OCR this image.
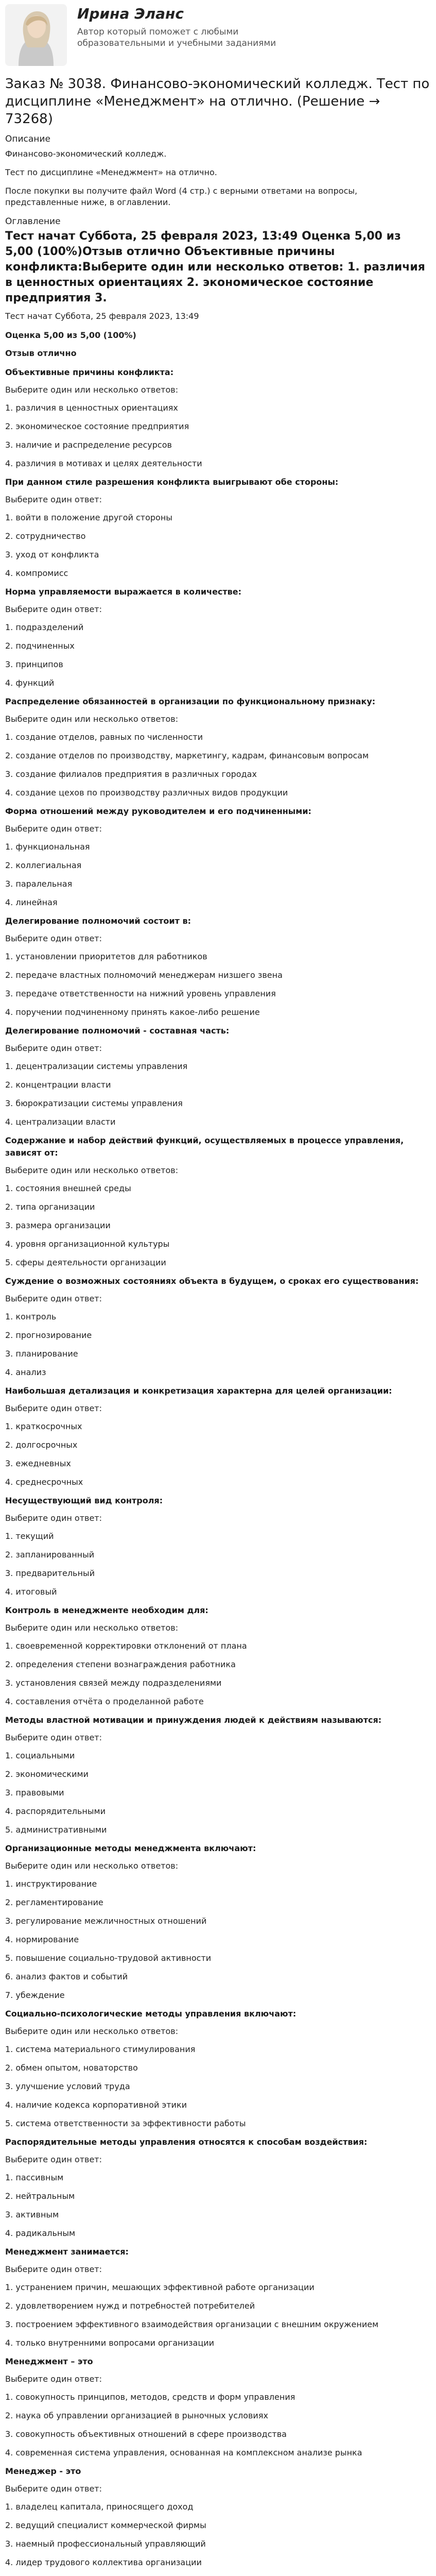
Ирина Эланс
Автор который поможет с любыми образовательными и учебными заданиями
Заказ № 3038. Финансово-экономический колледж. Тест по дисциплине «Менеджмент» на отлично. (Решение → 73268)
Описание
Финансово-экономический колледж.
Тест по дисциплине «Менеджмент» на отлично.
После покупки вы получите файл Word (4 стр.) с верными ответами на вопросы, представленные ниже, в оглавлении.
Оглавление
Тест начат Суббота, 25 февраля 2023, 13:49 Оценка 5,00 из 5,00 (100%)Отзыв отлично Объективные причины конфликта:Выберите один или несколько ответов: 1. различия в ценностных ориентациях 2. экономическое состояние предприятия 3.
Тест начат Суббота, 25 февраля 2023, 13:49
Оценка 5,00 из 5,00 (100%)
Отзыв отлично
Объективные причины конфликта:
Выберите один или несколько ответов:
1. различия в ценностных ориентациях
2. экономическое состояние предприятия
3. наличие и распределение ресурсов
4. различия в мотивах и целях деятельности
При данном стиле разрешения конфликта выигрывают обе стороны:
Выберите один ответ:
1. войти в положение другой стороны
2. сотрудничество
3. уход от конфликта
4. компромисс
Норма управляемости выражается в количестве:
Выберите один ответ:
1. подразделений
2. подчиненных
3. принципов
4. функций
Распределение обязанностей в организации по функциональному признаку:
Выберите один или несколько ответов:
1. создание отделов, равных по численности
2. создание отделов по производству, маркетингу, кадрам, финансовым вопросам
3. создание филиалов предприятия в различных городах
4. создание цехов по производству различных видов продукции
Форма отношений между руководителем и его подчиненными:
Выберите один ответ:
1. функциональная
2. коллегиальная
3. паралельная
4. линейная
Делегирование полномочий состоит в:
Выберите один ответ:
1. установлении приоритетов для работников
2. передаче властных полномочий менеджерам низшего звена
3. передаче ответственности на нижний уровень управления
4. поручении подчиненному принять какое-либо решение
Делегирование полномочий - составная часть:
Выберите один ответ:
1. децентрализации системы управления
2. концентрации власти
3. бюрократизации системы управления
4. централизации власти
Содержание и набор действий функций, осуществляемых в процессе управления, зависят от:
Выберите один или несколько ответов:
1. состояния внешней среды
2. типа организации
3. размера организации
4. уровня организационной культуры
5. сферы деятельности организации
Суждение о возможных состояниях объекта в будущем, о сроках его существования:
Выберите один ответ:
1. контроль
2. прогнозирование
3. планирование
4. анализ
Наибольшая детализация и конкретизация характерна для целей организации:
Выберите один ответ:
1. краткосрочных
2. долгосрочных
3. ежедневных
4. среднесрочных
Несуществующий вид контроля:
Выберите один ответ:
1. текущий
2. запланированный
3. предварительный
4. итоговый
Контроль в менеджменте необходим для:
Выберите один или несколько ответов:
1. своевременной корректировки отклонений от плана
2. определения степени вознаграждения работника
3. установления связей между подразделениями
4. составления отчёта о проделанной работе
Методы властной мотивации и принуждения людей к действиям называются:
Выберите один ответ:
1. социальными
2. экономическими
3. правовыми
4. распорядительными
5. административными
Организационные методы менеджмента включают:
Выберите один или несколько ответов:
1. инструктирование
2. регламентирование
3. регулирование межличностных отношений
4. нормирование
5. повышение социально-трудовой активности
6. анализ фактов и событий
7. убеждение
Социально-психологические методы управления включают:
Выберите один или несколько ответов:
1. система материального стимулирования
2. обмен опытом, новаторство
3. улучшение условий труда
4. наличие кодекса корпоративной этики
5. система ответственности за эффективности работы
Распорядительные методы управления относятся к способам воздействия:
Выберите один ответ:
1. пассивным
2. нейтральным
3. активным
4. радикальным
Менеджмент занимается:
Выберите один ответ:
1. устранением причин, мешающих эффективной работе организации
2. удовлетворением нужд и потребностей потребителей
3. построением эффективного взаимодействия организации с внешним окружением
4. только внутренними вопросами организации
Менеджмент – это
Выберите один ответ:
1. совокупность принципов, методов, средств и форм управления
2. наука об управлении организацией в рыночных условиях
3. совокупность объективных отношений в сфере производства
4. современная система управления, основанная на комплексном анализе рынка
Менеджер - это
Выберите один ответ:
1. владелец капитала, приносящего доход
2. ведущий специалист коммерческой фирмы
3. наемный профессиональный управляющий
4. лидер трудового коллектива организации
